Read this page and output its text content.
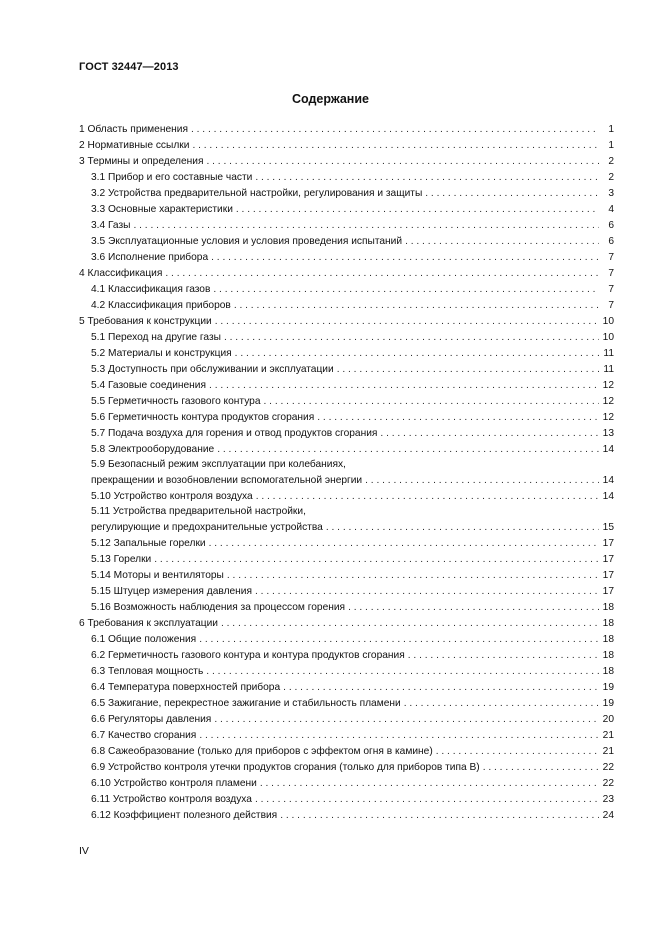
ГОСТ 32447—2013
Содержание
1 Область применения . . .	1
2 Нормативные ссылки . . .	1
3 Термины и определения . . .	2
3.1 Прибор и его составные части . . .	2
3.2 Устройства предварительной настройки, регулирования и защиты . . .	3
3.3 Основные характеристики . . .	4
3.4 Газы . . .	6
3.5 Эксплуатационные условия и условия проведения испытаний . . .	6
3.6 Исполнение прибора . . .	7
4 Классификация . . .	7
4.1 Классификация газов . . .	7
4.2 Классификация приборов . . .	7
5 Требования к конструкции . . .	10
5.1 Переход на другие газы . . .	10
5.2 Материалы и конструкция . . .	11
5.3 Доступность при обслуживании и эксплуатации . . .	11
5.4 Газовые соединения . . .	12
5.5 Герметичность газового контура . . .	12
5.6 Герметичность контура продуктов сгорания . . .	12
5.7 Подача воздуха для горения и отвод продуктов сгорания . . .	13
5.8 Электрооборудование . . .	14
5.9 Безопасный режим эксплуатации при колебаниях,
прекращении и возобновлении вспомогательной энергии . . .	14
5.10 Устройство контроля воздуха . . .	14
5.11 Устройства предварительной настройки,
регулирующие и предохранительные устройства . . .	15
5.12 Запальные горелки . . .	17
5.13 Горелки . . .	17
5.14 Моторы и вентиляторы . . .	17
5.15 Штуцер измерения давления . . .	17
5.16 Возможность наблюдения за процессом горения . . .	18
6 Требования к эксплуатации . . .	18
6.1 Общие положения . . .	18
6.2 Герметичность газового контура и контура продуктов сгорания . . .	18
6.3 Тепловая мощность . . .	18
6.4 Температура поверхностей прибора . . .	19
6.5 Зажигание, перекрестное зажигание и стабильность пламени . . .	19
6.6 Регуляторы давления . . .	20
6.7 Качество сгорания . . .	21
6.8 Сажеобразование (только для приборов с эффектом огня в камине) . . .	21
6.9 Устройство контроля утечки продуктов сгорания (только для приборов типа В) . . .	22
6.10 Устройство контроля пламени . . .	22
6.11 Устройство контроля воздуха . . .	23
6.12 Коэффициент полезного действия . . .	24
IV
